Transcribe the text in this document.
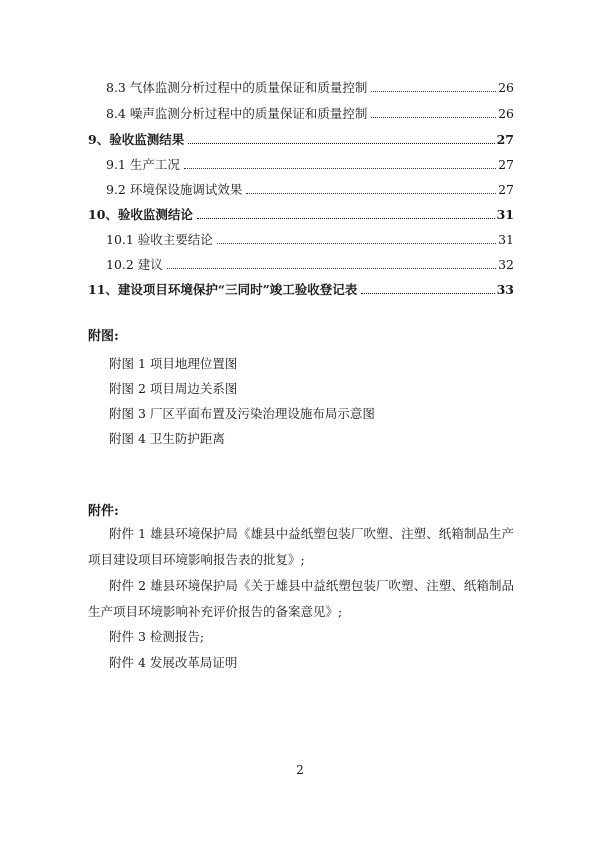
8.3 气体监测分析过程中的质量保证和质量控制	26
8.4 噪声监测分析过程中的质量保证和质量控制	26
9、验收监测结果	27
9.1 生产工况	27
9.2 环境保设施调试效果	27
10、验收监测结论	31
10.1 验收主要结论	31
10.2 建议	32
11、建设项目环境保护“三同时”竣工验收登记表	33
附图:
附图 1 项目地理位置图
附图 2 项目周边关系图
附图 3 厂区平面布置及污染治理设施布局示意图
附图 4 卫生防护距离
附件:
附件 1 雄县环境保护局《雄县中益纸塑包装厂吹塑、注塑、纸箱制品生产项目建设项目环境影响报告表的批复》;
附件 2 雄县环境保护局《关于雄县中益纸塑包装厂吹塑、注塑、纸箱制品生产项目环境影响补充评价报告的备案意见》;
附件 3 检测报告;
附件 4 发展改革局证明
2
